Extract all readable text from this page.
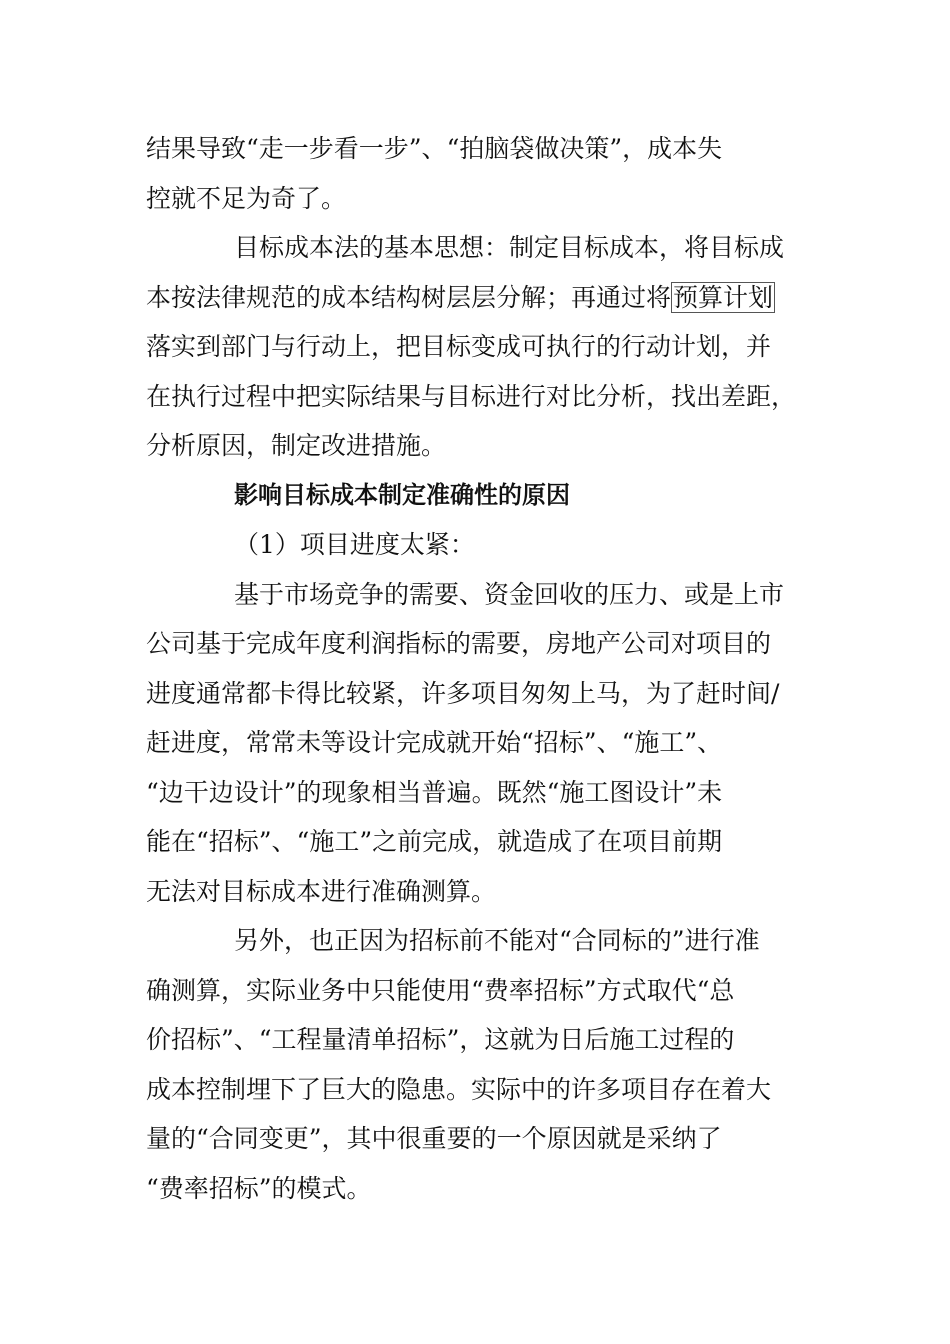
结果导致“走一步看一步”、“拍脑袋做决策”，成本失
控就不足为奇了。
目标成本法的基本思想：制定目标成本，将目标成
本按法律规范的成本结构树层层分解；再通过将预算计划
落实到部门与行动上，把目标变成可执行的行动计划，并
在执行过程中把实际结果与目标进行对比分析，找出差距，
分析原因，制定改进措施。
影响目标成本制定准确性的原因
（1）项目进度太紧：
基于市场竞争的需要、资金回收的压力、或是上市
公司基于完成年度利润指标的需要，房地产公司对项目的
进度通常都卡得比较紧，许多项目匆匆上马，为了赶时间/
赶进度，常常未等设计完成就开始“招标”、“施工”、
“边干边设计”的现象相当普遍。既然“施工图设计”未
能在“招标”、“施工”之前完成，就造成了在项目前期
无法对目标成本进行准确测算。
另外，也正因为招标前不能对“合同标的”进行准
确测算，实际业务中只能使用“费率招标”方式取代“总
价招标”、“工程量清单招标”，这就为日后施工过程的
成本控制埋下了巨大的隐患。实际中的许多项目存在着大
量的“合同变更”，其中很重要的一个原因就是采纳了
“费率招标”的模式。
